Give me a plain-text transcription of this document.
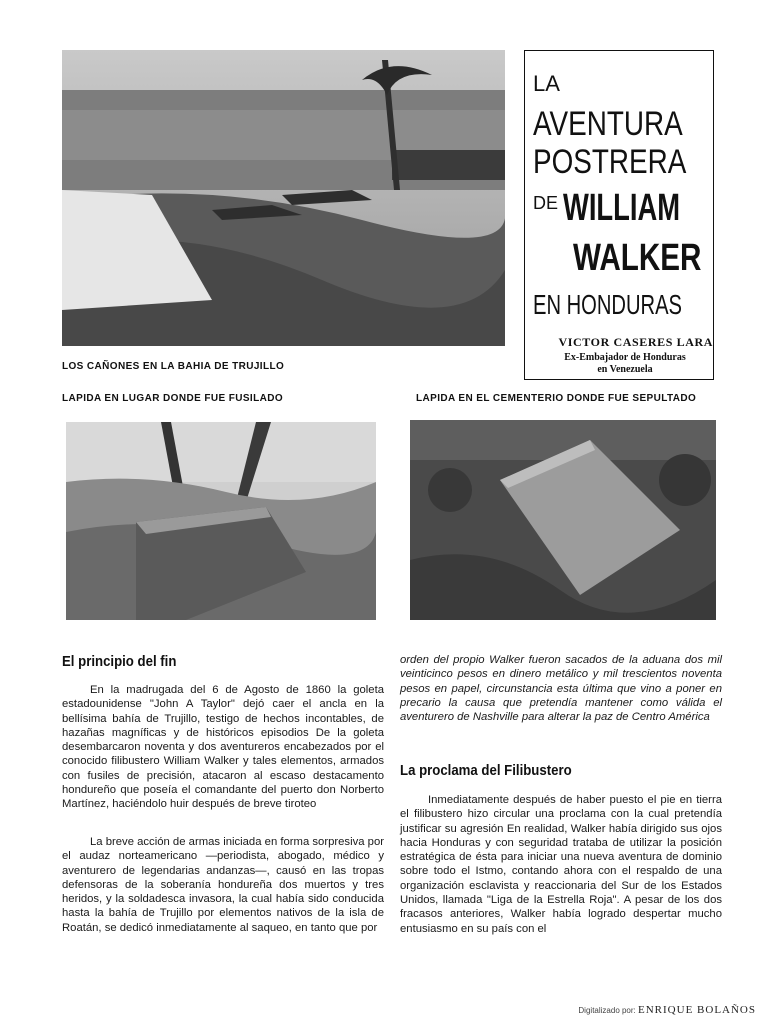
LOS CAÑONES EN LA BAHIA DE TRUJILLO
LA
AVENTURA
POSTRERA
DE WILLIAM
WALKER
EN HONDURAS
VICTOR CASERES LARA
Ex-Embajador de Honduras
en Venezuela
LAPIDA EN LUGAR DONDE FUE FUSILADO	LAPIDA EN EL CEMENTERIO DONDE FUE SEPULTADO
El principio del fin

En la madrugada del 6 de Agosto de 1860 la goleta estadounidense "John A Taylor" dejó caer el ancla en la bellísima bahía de Trujillo, testigo de hechos incontables, de hazañas magníficas y de históricos episodios De la goleta desembarcaron noventa y dos aventureros encabezados por el conocido filibustero William Walker y tales elementos, armados con fusiles de precisión, atacaron al escaso destacamento hondureño que poseía el comandante del puerto don Norberto Martínez, haciéndolo huir después de breve tiroteo

La breve acción de armas iniciada en forma sorpresiva por el audaz norteamericano —periodista, abogado, médico y aventurero de legendarias andanzas—, causó en las tropas defensoras de la soberanía hondureña dos muertos y tres heridos, y la soldadesca invasora, la cual había sido conducida hasta la bahía de Trujillo por elementos nativos de la isla de Roatán, se dedicó inmediatamente al saqueo, en tanto que por

orden del propio Walker fueron sacados de la aduana dos mil veinticinco pesos en dinero metálico y mil trescientos noventa pesos en papel, circunstancia esta última que vino a poner en precario la causa que pretendía mantener como válida el aventurero de Nashville para alterar la paz de Centro América

La proclama del Filibustero

Inmediatamente después de haber puesto el pie en tierra el filibustero hizo circular una proclama con la cual pretendía justificar su agresión En realidad, Walker había dirigido sus ojos hacia Honduras y con seguridad trataba de utilizar la posición estratégica de ésta para iniciar una nueva aventura de dominio sobre todo el Istmo, contando ahora con el respaldo de una organización esclavista y reaccionaria del Sur de los Estados Unidos, llamada "Liga de la Estrella Roja". A pesar de los dos fracasos anteriores, Walker había logrado despertar mucho entusiasmo en su país con el

Digitalizado por: ENRIQUE BOLAÑOS
